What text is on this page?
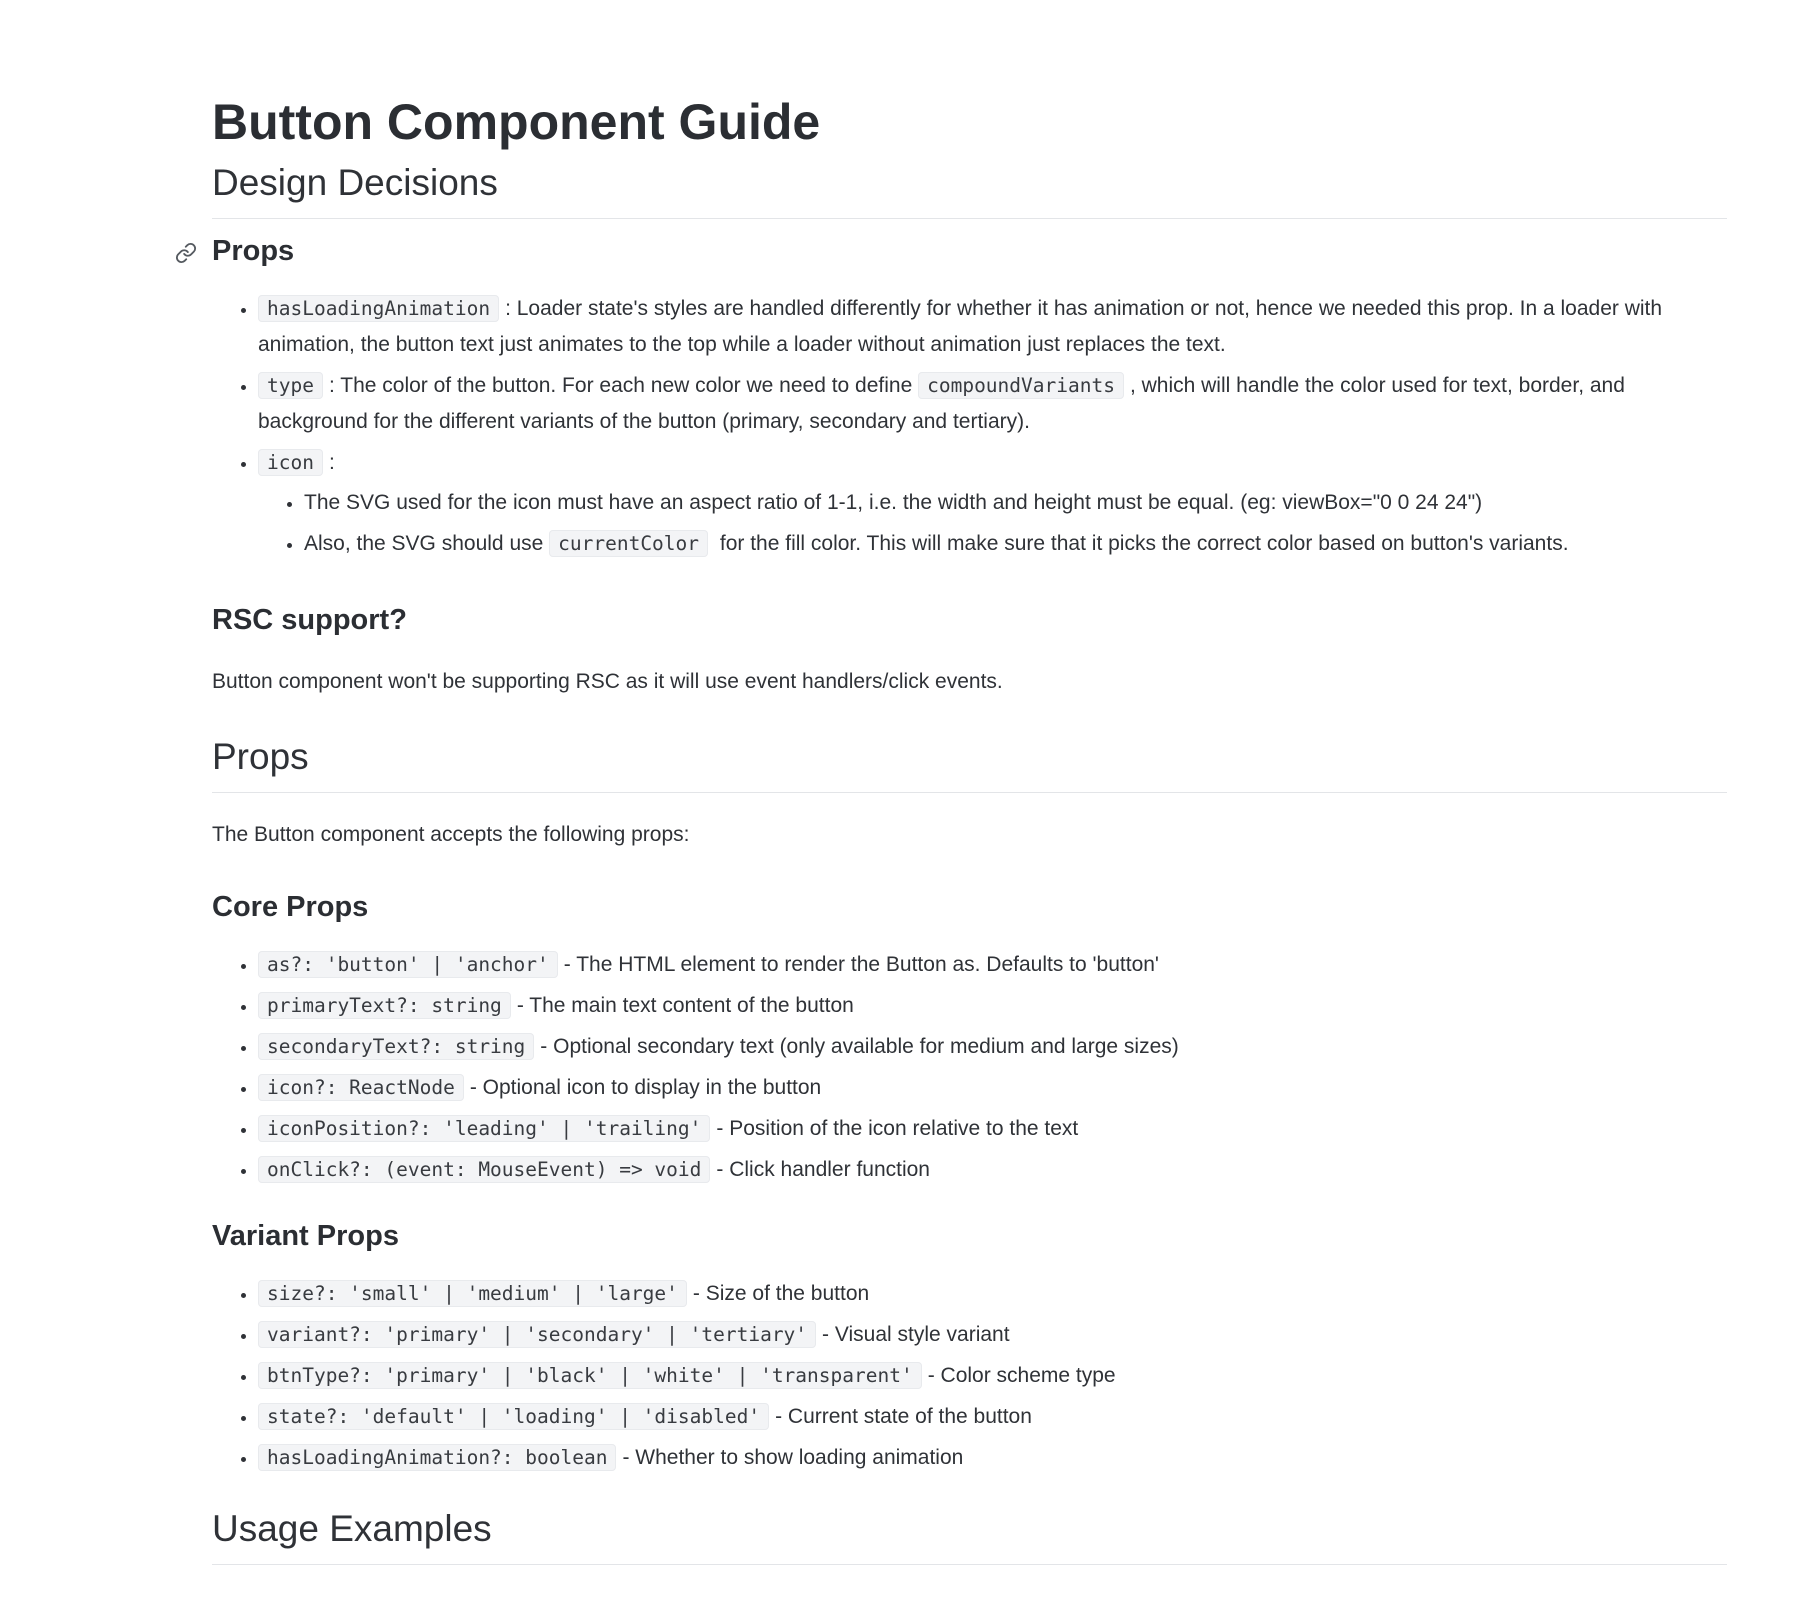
Button Component Guide
Design Decisions
Props
• hasLoadingAnimation : Loader state's styles are handled differently for whether it has animation or not, hence we needed this prop. In a loader with animation, the button text just animates to the top while a loader without animation just replaces the text.
• type : The color of the button. For each new color we need to define compoundVariants , which will handle the color used for text, border, and background for the different variants of the button (primary, secondary and tertiary).
• icon :
• The SVG used for the icon must have an aspect ratio of 1-1, i.e. the width and height must be equal. (eg: viewBox="0 0 24 24")
• Also, the SVG should use currentColor for the fill color. This will make sure that it picks the correct color based on button's variants.
RSC support?

Button component won't be supporting RSC as it will use event handlers/click events.

Props

The Button component accepts the following props:

Core Props
• as?: 'button' | 'anchor' - The HTML element to render the Button as. Defaults to 'button'
• primaryText?: string - The main text content of the button
• secondaryText?: string - Optional secondary text (only available for medium and large sizes)
• icon?: ReactNode - Optional icon to display in the button
• iconPosition?: 'leading' | 'trailing' - Position of the icon relative to the text
• onClick?: (event: MouseEvent) => void - Click handler function
Variant Props
• size?: 'small' | 'medium' | 'large' - Size of the button
• variant?: 'primary' | 'secondary' | 'tertiary' - Visual style variant
• btnType?: 'primary' | 'black' | 'white' | 'transparent' - Color scheme type
• state?: 'default' | 'loading' | 'disabled' - Current state of the button
• hasLoadingAnimation?: boolean - Whether to show loading animation
Usage Examples
